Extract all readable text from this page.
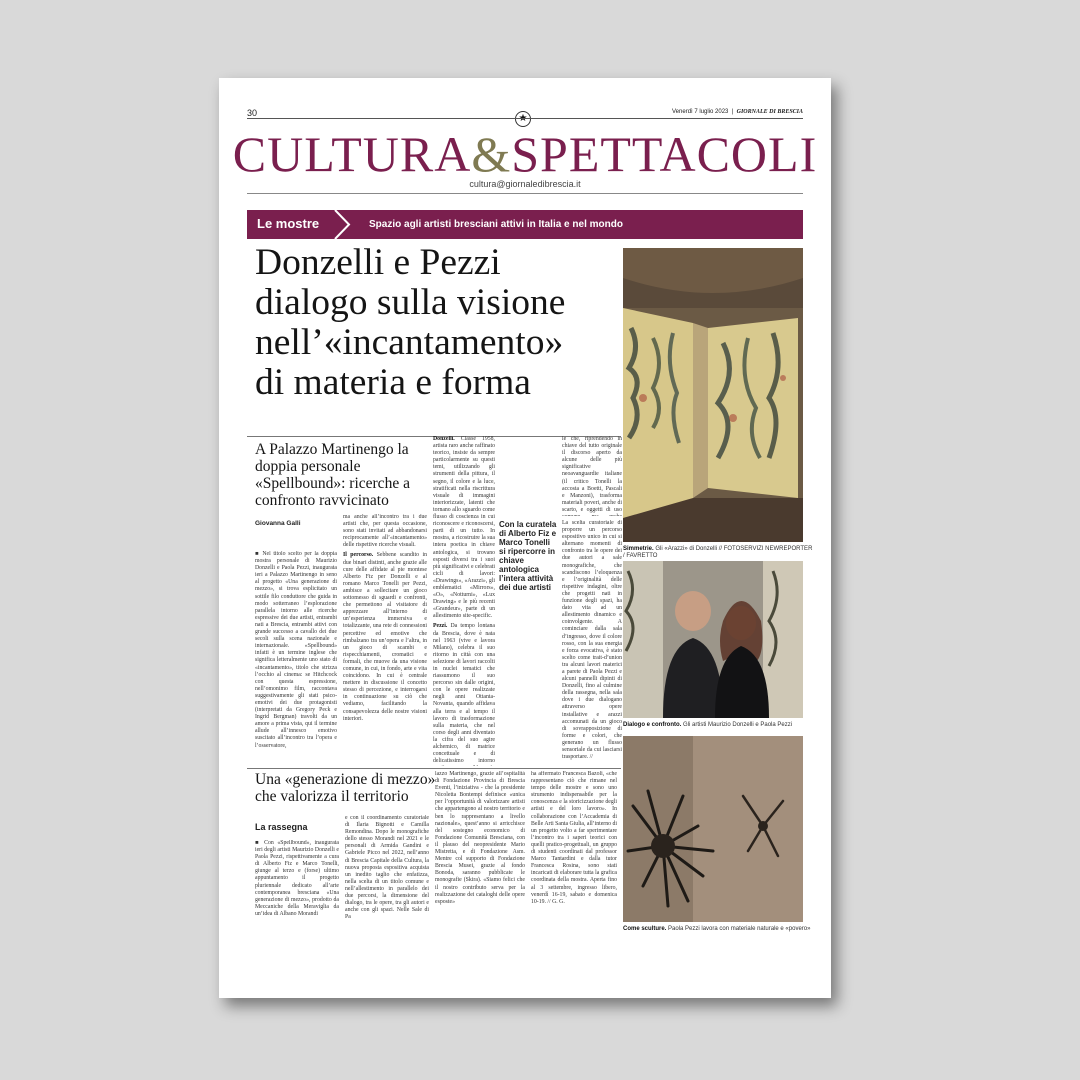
30	Venerdì 7 luglio 2023  |  GIORNALE DI BRESCIA
CULTURA&SPETTACOLI
cultura@giornaledibrescia.it
Le mostre	Spazio agli artisti bresciani attivi in Italia e nel mondo
Donzelli e Pezzi
dialogo sulla visione
nell’«incantamento»
di materia e forma
A Palazzo Martinengo la doppia personale «Spellbound»: ricerche a confronto ravvicinato
Giovanna Galli

■ Nel titolo scelto per la doppia mostra personale di Maurizio Donzelli e Paola Pezzi, inaugurata ieri a Palazzo Martinengo in seno al progetto «Una generazione di mezzo», si trova esplicitato un sottile filo conduttore che guida in modo sotterraneo l’esplorazione parallela intorno alle ricerche espressive dei due artisti, entrambi nati a Brescia, entrambi attivi con grande successo a cavallo dei due secoli sulla scena nazionale e internazionale. «Spellbound» infatti è un termine inglese che significa letteralmente uno stato di «incantamento», titolo che strizza l’occhio al cinema: se Hitchcock con questa espressione, nell’omonimo film, raccontava suggestivamente gli stati psico-emotivi dei due protagonisti (interpretati da Gregory Peck e Ingrid Bergman) travolti da un amore a prima vista, qui il termine allude all’innesco emotivo suscitato all’incontro tra l’opera e l’osservatore,

ma anche all’incontro tra i due artisti che, per questa occasione, sono stati invitati ad abbandonarsi reciprocamente all’«incantamento» delle rispettive ricerche visuali.

Il percorso. Sebbene scandito in due binari distinti, anche grazie alle cure delle affidate al pie montese Alberto Fiz per Donzelli e al romano Marco Tonelli per Pezzi, ambisce a sollecitare un gioco sottomesso di sguardi e confronti, che permettono al visitatore di apprezzare all’interno di un’esperienza immersiva e totalizzante, una rete di connessioni percettive ed emotive che rimbalzano tra un’opera e l’altra, in un gioco di scambi e rispecchiamenti, cromatici e formali, che muove da una visione comune, in cui, in fondo, arte e vita coincidono. In cui è centrale mettere in discussione il concetto stesso di percezione, e interrogarsi in continuazione su ciò che vediamo, facilitando la consapevolezza delle nostre visioni interiori.

Donzelli. Classe 1958, artista raro anche raffinato teorico, insiste da sempre particolarmente su questi temi, utilizzando gli strumenti della pittura, il segno, il colore e la luce, stratificati nella riscrittura visuale di immagini interiorizzate, latenti che tornano allo sguardo come flusso di coscienza in cui riconoscere e riconoscersi, parti di un tutto. In mostra, a ricostruire la sua intera poetica in chiave antologica, si trovano esposti diversi tra i suoi più significativi e celebrati cicli di lavori: «Drawings», «Arazzi», gli emblematici «Mirrors», «O», «Notturni», «Lux Drawing» e le più recenti «Grandeur», parte di un allestimento site-specific.

Pezzi. Da tempo lontana da Brescia, dove è nata nel 1963 (vive e lavora Milano), celebra il suo ritorno in città con una selezione di lavori raccolti in nuclei tematici che riassumono il suo percorso sin dalle origini, con le opere realizzate negli anni Ottanta-Novanta, quando affidava alla terra e al tempo il lavoro di trasformazione sulla materia, che nel corso degli anni diventato la cifra del suo agire alchemico, di matrice concettuale e di delicatissimo intorno

Con la curatela di Alberto Fiz e Marco Tonelli si ripercorre in chiave antologica l’intera attività dei due artisti

le che, riprendendo in chiave del tutto originale il discorso aperto da alcune delle più significative neoavanguardie italiane (il critico Tonelli la accosta a Boetti, Pascali e Manzoni), trasforma materiali poveri, anche di scarto, e oggetti di uso

La scelta curatoriale di proporre un percorso espositivo unico in cui si alternano momenti di confronto tra le opere dei due autori a sale monografiche, che scandiscono l’eloquenza e l’originalità delle rispettive indagini, oltre che progetti nati in funzione degli spazi, ha dato vita ad un allestimento dinamico e coinvolgente. A cominciare dalla sala d’ingresso, dove il colore rosso, con la sua energia e forza evocativa, è stato scelto come trait-d’union tra alcuni lavori materici a parete di Paola Pezzi e alcuni pannelli dipinti di Donzelli, fino al culmine della rassegna, nella sala dove i due dialogano attraverso opere installative e arazzi accomunati da un gioco di sovrapposizione di forme e colori, che generano un flusso sensoriale da cui lasciarsi trasportare. //

Simmetrie. Gli «Arazzi» di Donzelli // FOTOSERVIZI NEWREPORTER / FAVRETTO
Dialogo e confronto. Gli artisti Maurizio Donzelli e Paola Pezzi
Come sculture. Paola Pezzi lavora con materiale naturale e «povero»
Una «generazione di mezzo» che valorizza il territorio
La rassegna

■ Con «Spellbound», inaugurata ieri degli artisti Maurizio Donzelli e Paola Pezzi, rispettivamente a cura di Alberto Fiz e Marco Tonelli, giunge al terzo e (forse) ultimo appuntamento il progetto pluriennale dedicato all’arte contemporanea bresciana «Una generazione di mezzo», prodotto da Meccaniche della Meraviglia da un’idea di Albano Morandi

e con il coordinamento curatoriale di Ilaria Bignotti e Camilla Remondina. Dopo le monografiche dello stesso Morandi nel 2021 e le personali di Armida Gandini e Gabriele Picco nel 2022, nell’anno di Brescia Capitale della Cultura, la nuova proposta espositiva acquista un inedito taglio che enfatizza, nella scelta di un titolo comune e nell’allestimento in parallelo dei due percorsi, la dimensione del dialogo, tra le opere, tra gli autori e anche con gli spazi. Nelle Sale di Pa

lazzo Martinengo, grazie all’ospitalità di Fondazione Provincia di Brescia Eventi, l’iniziativa - che la presidente Nicoletta Bontempi definisce «unica per l’opportunità di valorizzare artisti che appartengono al nostro territorio e ben lo rappresentano a livello nazionale», quest’anno si arricchisce del sostegno economico di Fondazione Comunità Bresciana, con il plauso del neopresidente Mario Mistretta, e di Fondazione Asm. Mentre col supporto di Fondazione Brescia Musei, grazie al fondo Bonoda, saranno pubblicate le monografie (Skira). «Siamo felici che il nostro contributo serva per la realizzazione dei cataloghi delle opere esposte»

ha affermato Francesca Bazoli, «che rappresentano ciò che rimane nel tempo delle mostre e sono uno strumento indispensabile per la conoscenza e la storicizzazione degli artisti e del loro lavoro». In collaborazione con l’Accademia di Belle Arti Santa Giulia, all’interno di un progetto volto a far sperimentare l’incontro tra i saperi teorici con quelli pratico-progettuali, un gruppo di studenti coordinati dal professor Marco Tantardini e dalla tutor Francesca Rosina, sono stati incaricati di elaborare tutta la grafica coordinata della mostra. Aperta fino al 3 settembre, ingresso libero, venerdì 16-19, sabato e domenica 10-19. // G. G.
